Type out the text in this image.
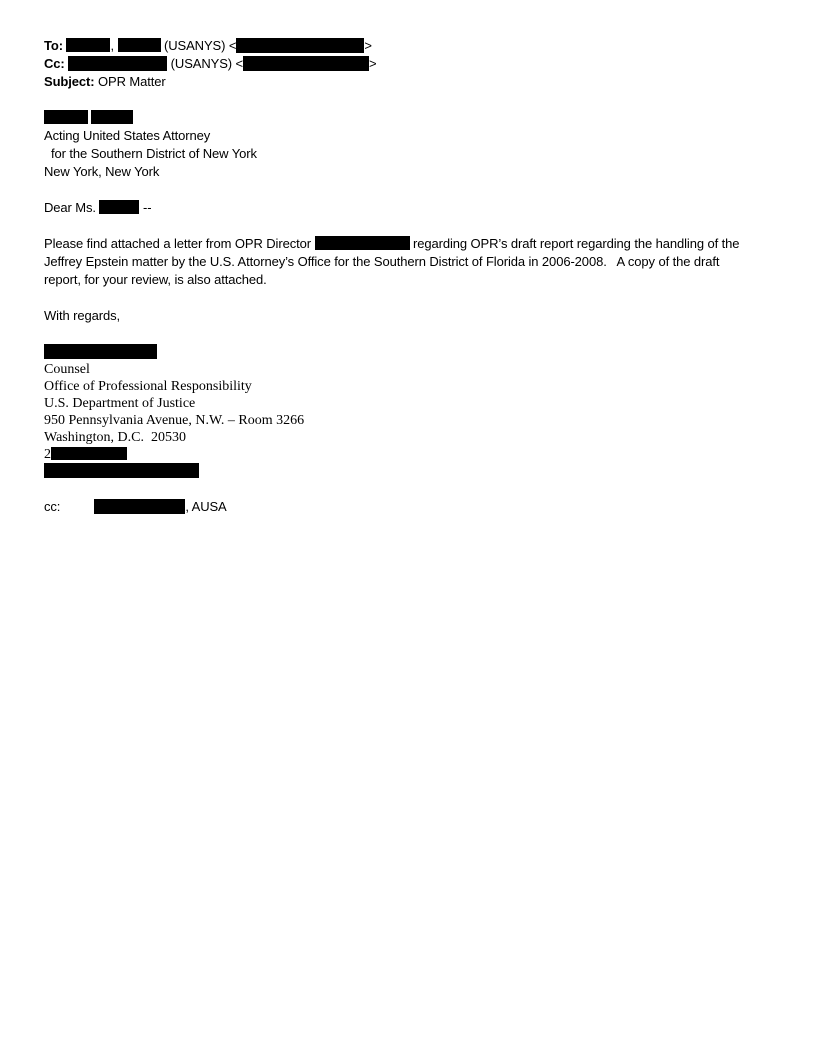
To:	,	(USANYS) <	>
Cc:	(USANYS) <	>
Subject: OPR Matter
Acting United States Attorney
for the Southern District of New York
New York, New York
Dear Ms.	--
Please find attached a letter from OPR Director	regarding OPR’s draft report regarding the handling of the
Jeffrey Epstein matter by the U.S. Attorney’s Office for the Southern District of Florida in 2006-2008.   A copy of the draft
report, for your review, is also attached.
With regards,
Counsel
Office of Professional Responsibility
U.S. Department of Justice
950 Pennsylvania Avenue, N.W. – Room 3266
Washington, D.C.  20530
2
cc:	, AUSA
